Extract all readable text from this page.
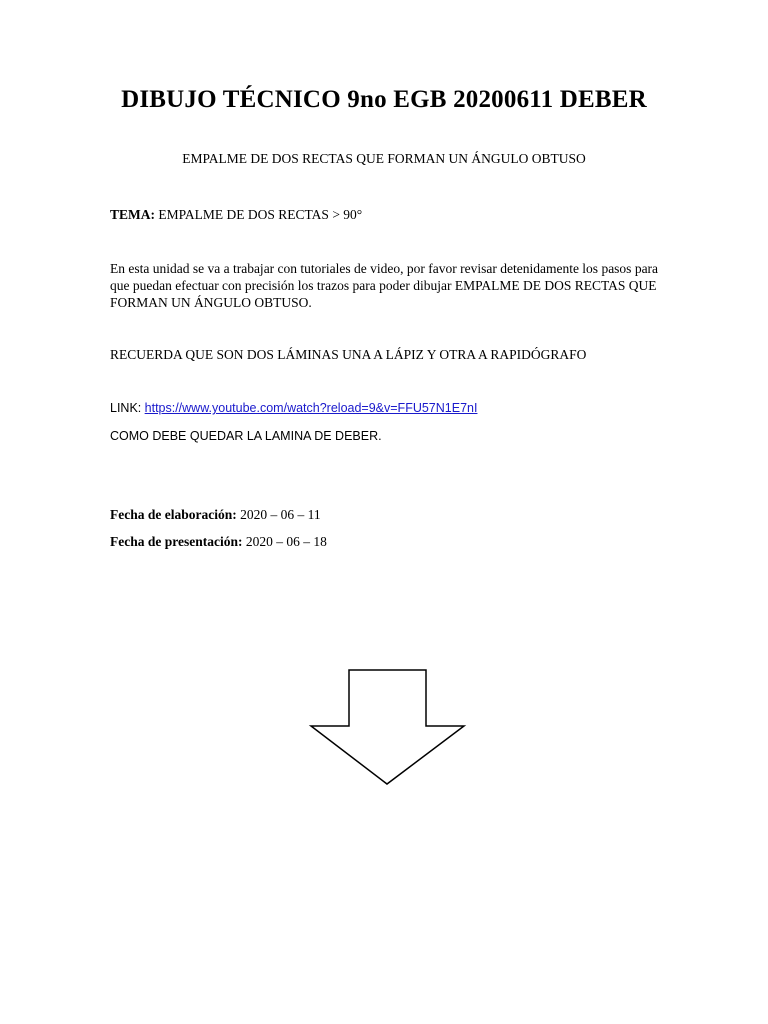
DIBUJO TÉCNICO 9no EGB 20200611 DEBER
EMPALME DE DOS RECTAS QUE FORMAN UN ÁNGULO OBTUSO
TEMA: EMPALME DE DOS RECTAS > 90°
En esta unidad se va a trabajar con tutoriales de video, por favor revisar detenidamente los pasos para que puedan efectuar con precisión los trazos para poder dibujar EMPALME DE DOS RECTAS QUE FORMAN UN ÁNGULO OBTUSO.
RECUERDA QUE SON DOS LÁMINAS UNA A LÁPIZ Y OTRA A RAPIDÓGRAFO
LINK: https://www.youtube.com/watch?reload=9&v=FFU57N1E7nI
COMO DEBE QUEDAR LA LAMINA DE DEBER.
Fecha de elaboración: 2020 – 06 – 11
Fecha de presentación: 2020 – 06 – 18
